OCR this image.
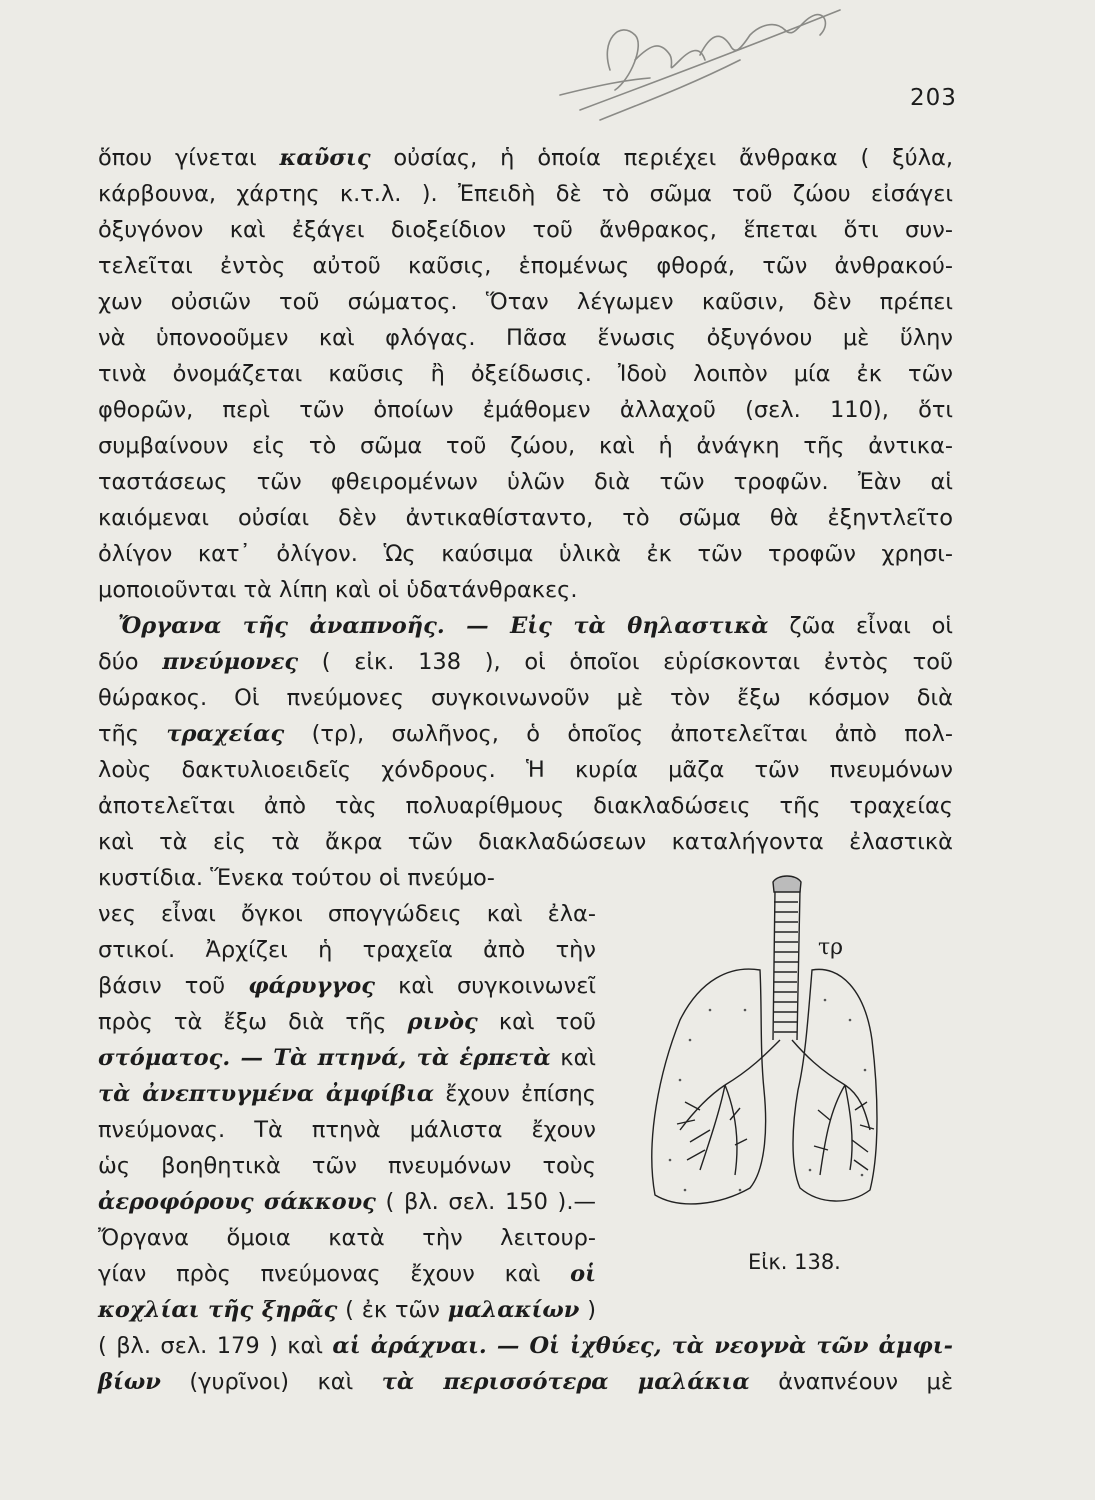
203
ὅπου γίνεται καῦσις οὐσίας, ἡ ὁποία περιέχει ἄνθρακα ( ξύλα,
κάρβουνα, χάρτης κ.τ.λ. ). Ἐπειδὴ δὲ τὸ σῶμα τοῦ ζώου εἰσάγει
ὀξυγόνον καὶ ἐξάγει διοξείδιον τοῦ ἄνθρακος, ἕπεται ὅτι συν-
τελεῖται ἐντὸς αὐτοῦ καῦσις, ἑπομένως φθορά, τῶν ἀνθρακού-
χων οὐσιῶν τοῦ σώματος. Ὅταν λέγωμεν καῦσιν, δὲν πρέπει
νὰ ὑπονοοῦμεν καὶ φλόγας. Πᾶσα ἕνωσις ὀξυγόνου μὲ ὕλην
τινὰ ὀνομάζεται καῦσις ἢ ὀξείδωσις. Ἰδοὺ λοιπὸν μία ἐκ τῶν
φθορῶν, περὶ τῶν ὁποίων ἐμάθομεν ἀλλαχοῦ (σελ. 110), ὅτι
συμβαίνουν εἰς τὸ σῶμα τοῦ ζώου, καὶ ἡ ἀνάγκη τῆς ἀντικα-
ταστάσεως τῶν φθειρομένων ὑλῶν διὰ τῶν τροφῶν. Ἐὰν αἱ
καιόμεναι οὐσίαι δὲν ἀντικαθίσταντο, τὸ σῶμα θὰ ἐξηντλεῖτο
ὀλίγον κατ᾽ ὀλίγον. Ὡς καύσιμα ὑλικὰ ἐκ τῶν τροφῶν χρησι-
μοποιοῦνται τὰ λίπη καὶ οἱ ὑδατάνθρακες.
Ὄργανα τῆς ἀναπνοῆς. — Εἰς τὰ θηλαστικὰ ζῶα εἶναι οἱ
δύο πνεύμονες ( εἰκ. 138 ), οἱ ὁποῖοι εὑρίσκονται ἐντὸς τοῦ
θώρακος. Οἱ πνεύμονες συγκοινωνοῦν μὲ τὸν ἔξω κόσμον διὰ
τῆς τραχείας (τρ), σωλῆνος, ὁ ὁποῖος ἀποτελεῖται ἀπὸ πολ-
λοὺς δακτυλιοειδεῖς χόνδρους. Ἡ κυρία μᾶζα τῶν πνευμόνων
ἀποτελεῖται ἀπὸ τὰς πολυαρίθμους διακλαδώσεις τῆς τραχείας
καὶ τὰ εἰς τὰ ἄκρα τῶν διακλαδώσεων καταλήγοντα ἐλαστικὰ
κυστίδια. Ἕνεκα τούτου οἱ πνεύμο-
νες εἶναι ὄγκοι σπογγώδεις καὶ ἐλα-
στικοί. Ἀρχίζει ἡ τραχεῖα ἀπὸ τὴν
βάσιν τοῦ φάρυγγος καὶ συγκοινωνεῖ
πρὸς τὰ ἔξω διὰ τῆς ρινὸς καὶ τοῦ
στόματος. — Τὰ πτηνά, τὰ ἑρπετὰ καὶ
τὰ ἀνεπτυγμένα ἀμφίβια ἔχουν ἐπίσης
πνεύμονας. Τὰ πτηνὰ μάλιστα ἔχουν
ὡς βοηθητικὰ τῶν πνευμόνων τοὺς
ἀεροφόρους σάκκους ( βλ. σελ. 150 ).—
Ὄργανα ὅμοια κατὰ τὴν λειτουρ-
γίαν πρὸς πνεύμονας ἔχουν καὶ οἱ
κοχλίαι τῆς ξηρᾶς ( ἐκ τῶν μαλακίων )
( βλ. σελ. 179 ) καὶ αἱ ἀράχναι. — Οἱ ἰχθύες, τὰ νεογνὰ τῶν ἀμφι-
βίων (γυρῖνοι) καὶ τὰ περισσότερα μαλάκια ἀναπνέουν μὲ
τρ
Εἰκ. 138.
